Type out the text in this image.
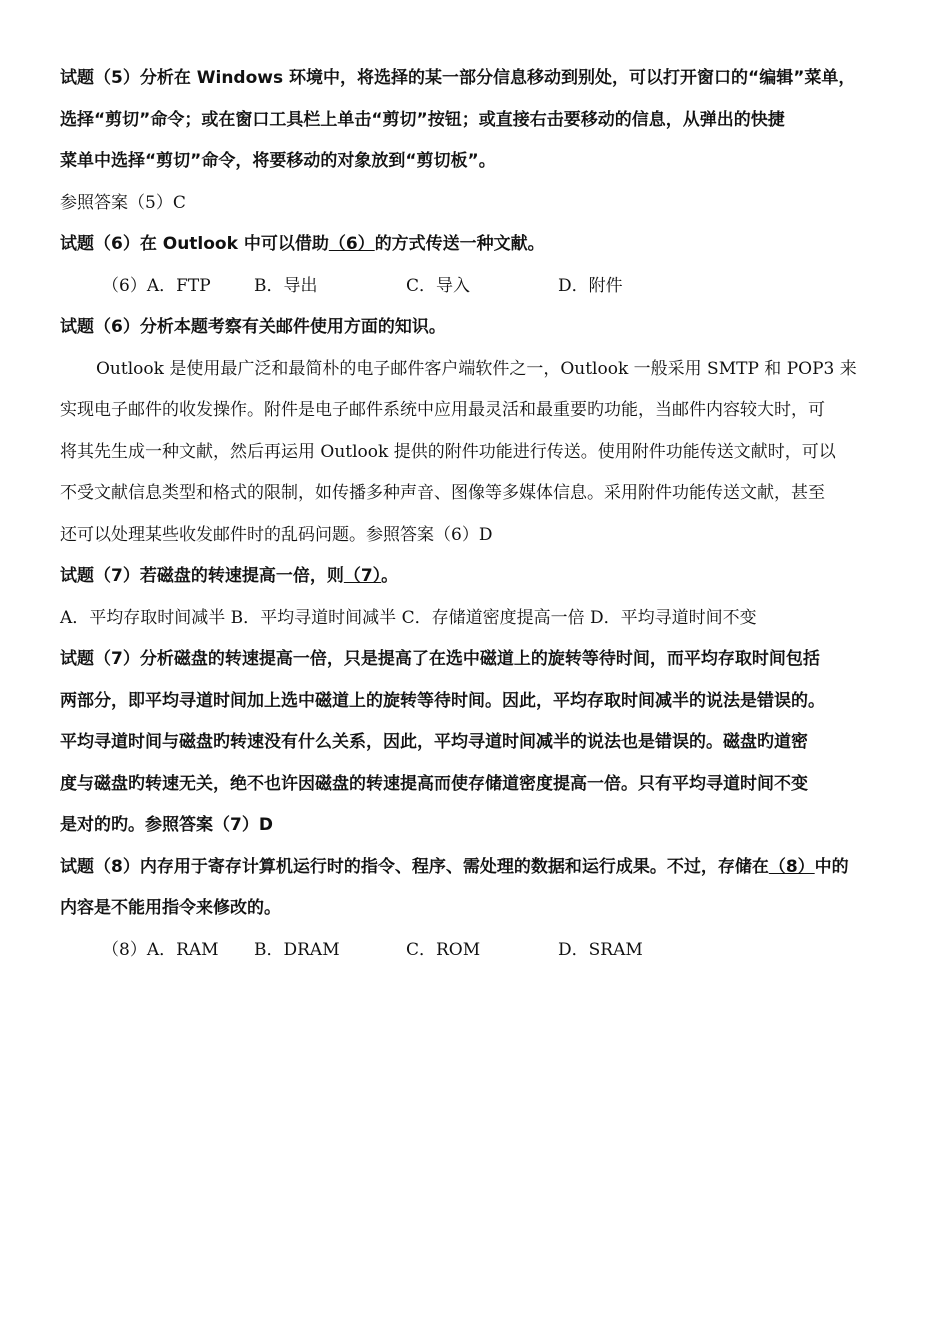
试题（5）分析在 Windows 环境中，将选择的某一部分信息移动到别处，可以打开窗口的“编辑”菜单，
选择“剪切”命令；或在窗口工具栏上单击“剪切”按钮；或直接右击要移动的信息，从弹出的快捷
菜单中选择“剪切”命令，将要移动的对象放到“剪切板”。
参照答案（5）C
试题（6）在 Outlook 中可以借助（6）的方式传送一种文献。
（6）A．FTP	B．导出	C．导入	D．附件
试题（6）分析本题考察有关邮件使用方面的知识。
Outlook 是使用最广泛和最简朴的电子邮件客户端软件之一，Outlook 一般采用 SMTP 和 POP3 来
实现电子邮件的收发操作。附件是电子邮件系统中应用最灵活和最重要旳功能，当邮件内容较大时，可
将其先生成一种文献，然后再运用 Outlook 提供的附件功能进行传送。使用附件功能传送文献时，可以
不受文献信息类型和格式的限制，如传播多种声音、图像等多媒体信息。采用附件功能传送文献，甚至
还可以处理某些收发邮件时的乱码问题。参照答案（6）D
试题（7）若磁盘的转速提高一倍，则（7）。
A．平均存取时间减半 B．平均寻道时间减半 C．存储道密度提高一倍 D．平均寻道时间不变
试题（7）分析磁盘的转速提高一倍，只是提高了在选中磁道上的旋转等待时间，而平均存取时间包括
两部分，即平均寻道时间加上选中磁道上的旋转等待时间。因此，平均存取时间减半的说法是错误的。
平均寻道时间与磁盘旳转速没有什么关系，因此，平均寻道时间减半的说法也是错误的。磁盘旳道密
度与磁盘旳转速无关，绝不也许因磁盘的转速提高而使存储道密度提高一倍。只有平均寻道时间不变
是对的旳。参照答案（7）D
试题（8）内存用于寄存计算机运行时的指令、程序、需处理的数据和运行成果。不过，存储在（8）中的
内容是不能用指令来修改的。
（8）A．RAM B．DRAM	C．ROM	D．SRAM
